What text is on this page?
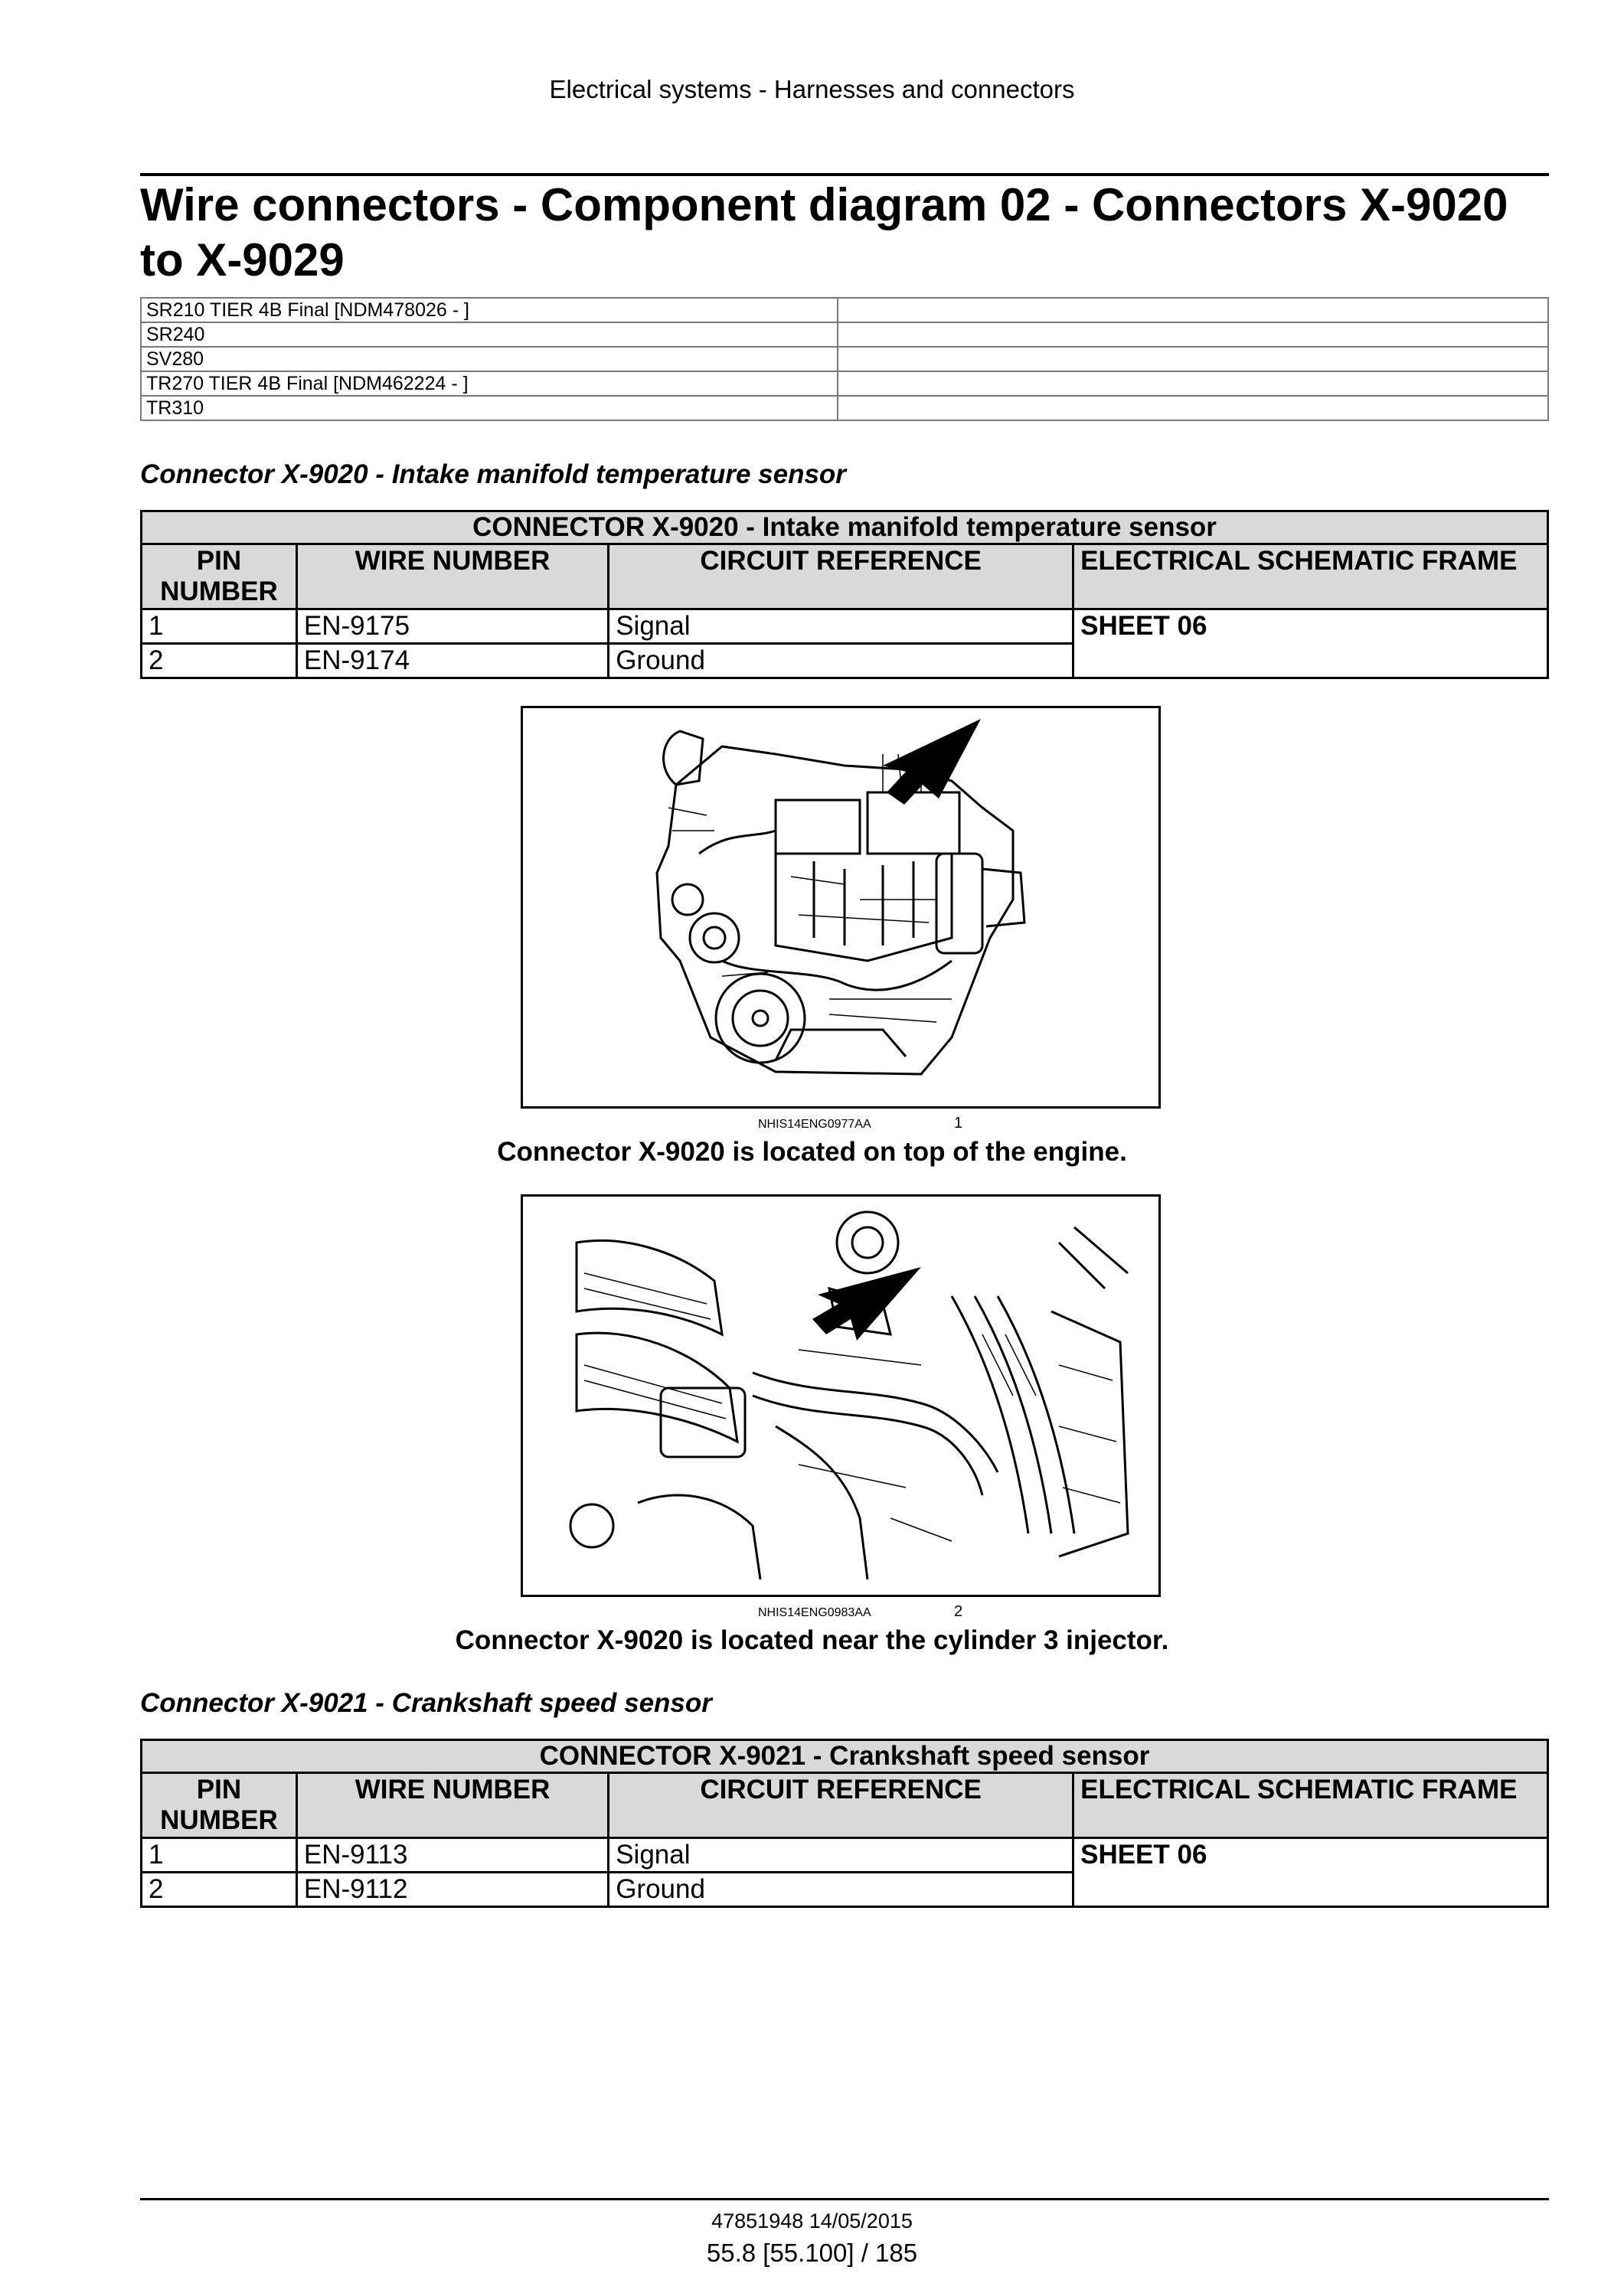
Electrical systems - Harnesses and connectors
Wire connectors - Component diagram 02 - Connectors X-9020 to X-9029
SR210 TIER 4B Final [NDM478026 - ]	
SR240	
SV280	
TR270 TIER 4B Final [NDM462224 - ]	
TR310	
Connector X-9020 - Intake manifold temperature sensor
CONNECTOR X-9020 - Intake manifold temperature sensor			
PIN NUMBER	WIRE NUMBER	CIRCUIT REFERENCE	ELECTRICAL SCHEMATIC FRAME
1	EN-9175	Signal	SHEET 06
2	EN-9174	Ground	
NHIS14ENG0977AA	1
Connector X-9020 is located on top of the engine.
NHIS14ENG0983AA	2
Connector X-9020 is located near the cylinder 3 injector.
Connector X-9021 - Crankshaft speed sensor
CONNECTOR X-9021 - Crankshaft speed sensor			
PIN NUMBER	WIRE NUMBER	CIRCUIT REFERENCE	ELECTRICAL SCHEMATIC FRAME
1	EN-9113	Signal	SHEET 06
2	EN-9112	Ground	
47851948 14/05/2015
55.8 [55.100] / 185
